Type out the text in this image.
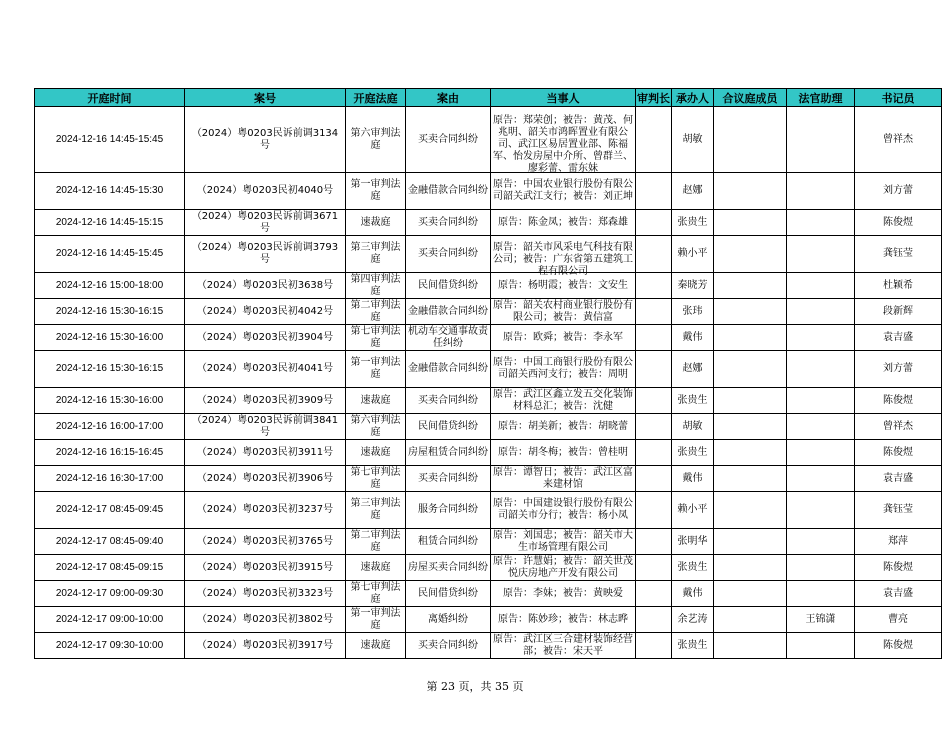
开庭时间	案号	开庭法庭	案由	当事人	审判长	承办人	合议庭成员	法官助理	书记员
2024-12-16 14:45-15:45	（2024）粤0203民诉前调3134号	第六审判法庭	买卖合同纠纷	原告：郑荣创；被告：黄茂、何兆明、韶关市鸿晖置业有限公司、武江区易居置业部、陈福军、怡发房屋中介所、曾群兰、廖彩蕾、雷东妹		胡敏			曾祥杰
2024-12-16 14:45-15:30	（2024）粤0203民初4040号	第一审判法庭	金融借款合同纠纷	原告：中国农业银行股份有限公司韶关武江支行；被告：刘正坤		赵娜			刘方蕾
2024-12-16 14:45-15:15	（2024）粤0203民诉前调3671号	速裁庭	买卖合同纠纷	原告：陈金凤；被告：郑森雄		张贵生			陈俊煜
2024-12-16 14:45-15:45	（2024）粤0203民诉前调3793号	第三审判法庭	买卖合同纠纷	原告：韶关市风采电气科技有限公司；被告：广东省第五建筑工程有限公司		赖小平			龚钰莹
2024-12-16 15:00-18:00	（2024）粤0203民初3638号	第四审判法庭	民间借贷纠纷	原告：杨明霞；被告：文安生		秦晓芳			杜颖希
2024-12-16 15:30-16:15	（2024）粤0203民初4042号	第二审判法庭	金融借款合同纠纷	原告：韶关农村商业银行股份有限公司；被告：黄信富		张玮			段新辉
2024-12-16 15:30-16:00	（2024）粤0203民初3904号	第七审判法庭	机动车交通事故责任纠纷	原告：欧舜；被告：李永军		戴伟			袁吉盛
2024-12-16 15:30-16:15	（2024）粤0203民初4041号	第一审判法庭	金融借款合同纠纷	原告：中国工商银行股份有限公司韶关西河支行；被告：周明		赵娜			刘方蕾
2024-12-16 15:30-16:00	（2024）粤0203民初3909号	速裁庭	买卖合同纠纷	原告：武江区鑫立发五交化装饰材料总汇；被告：沈健		张贵生			陈俊煜
2024-12-16 16:00-17:00	（2024）粤0203民诉前调3841号	第六审判法庭	民间借贷纠纷	原告：胡美新；被告：胡晓蕾		胡敏			曾祥杰
2024-12-16 16:15-16:45	（2024）粤0203民初3911号	速裁庭	房屋租赁合同纠纷	原告：胡冬梅；被告：曾桂明		张贵生			陈俊煜
2024-12-16 16:30-17:00	（2024）粤0203民初3906号	第七审判法庭	买卖合同纠纷	原告：谭智日；被告：武江区富来建材馆		戴伟			袁吉盛
2024-12-17 08:45-09:45	（2024）粤0203民初3237号	第三审判法庭	服务合同纠纷	原告：中国建设银行股份有限公司韶关市分行；被告：杨小凤		赖小平			龚钰莹
2024-12-17 08:45-09:40	（2024）粤0203民初3765号	第二审判法庭	租赁合同纠纷	原告：刘国忠；被告：韶关市大生市场管理有限公司		张明华			郑萍
2024-12-17 08:45-09:15	（2024）粤0203民初3915号	速裁庭	房屋买卖合同纠纷	原告：许慧娟；被告：韶关世茂悦庆房地产开发有限公司		张贵生			陈俊煜
2024-12-17 09:00-09:30	（2024）粤0203民初3323号	第七审判法庭	民间借贷纠纷	原告：李妹；被告：黄映爱		戴伟			袁吉盛
2024-12-17 09:00-10:00	（2024）粤0203民初3802号	第一审判法庭	离婚纠纷	原告：陈妙珍；被告：林志晔		余艺涛		王锦潇	曹亮
2024-12-17 09:30-10:00	（2024）粤0203民初3917号	速裁庭	买卖合同纠纷	原告：武江区三合建材装饰经营部；被告：宋天平		张贵生			陈俊煜
第 23 页，共 35 页
